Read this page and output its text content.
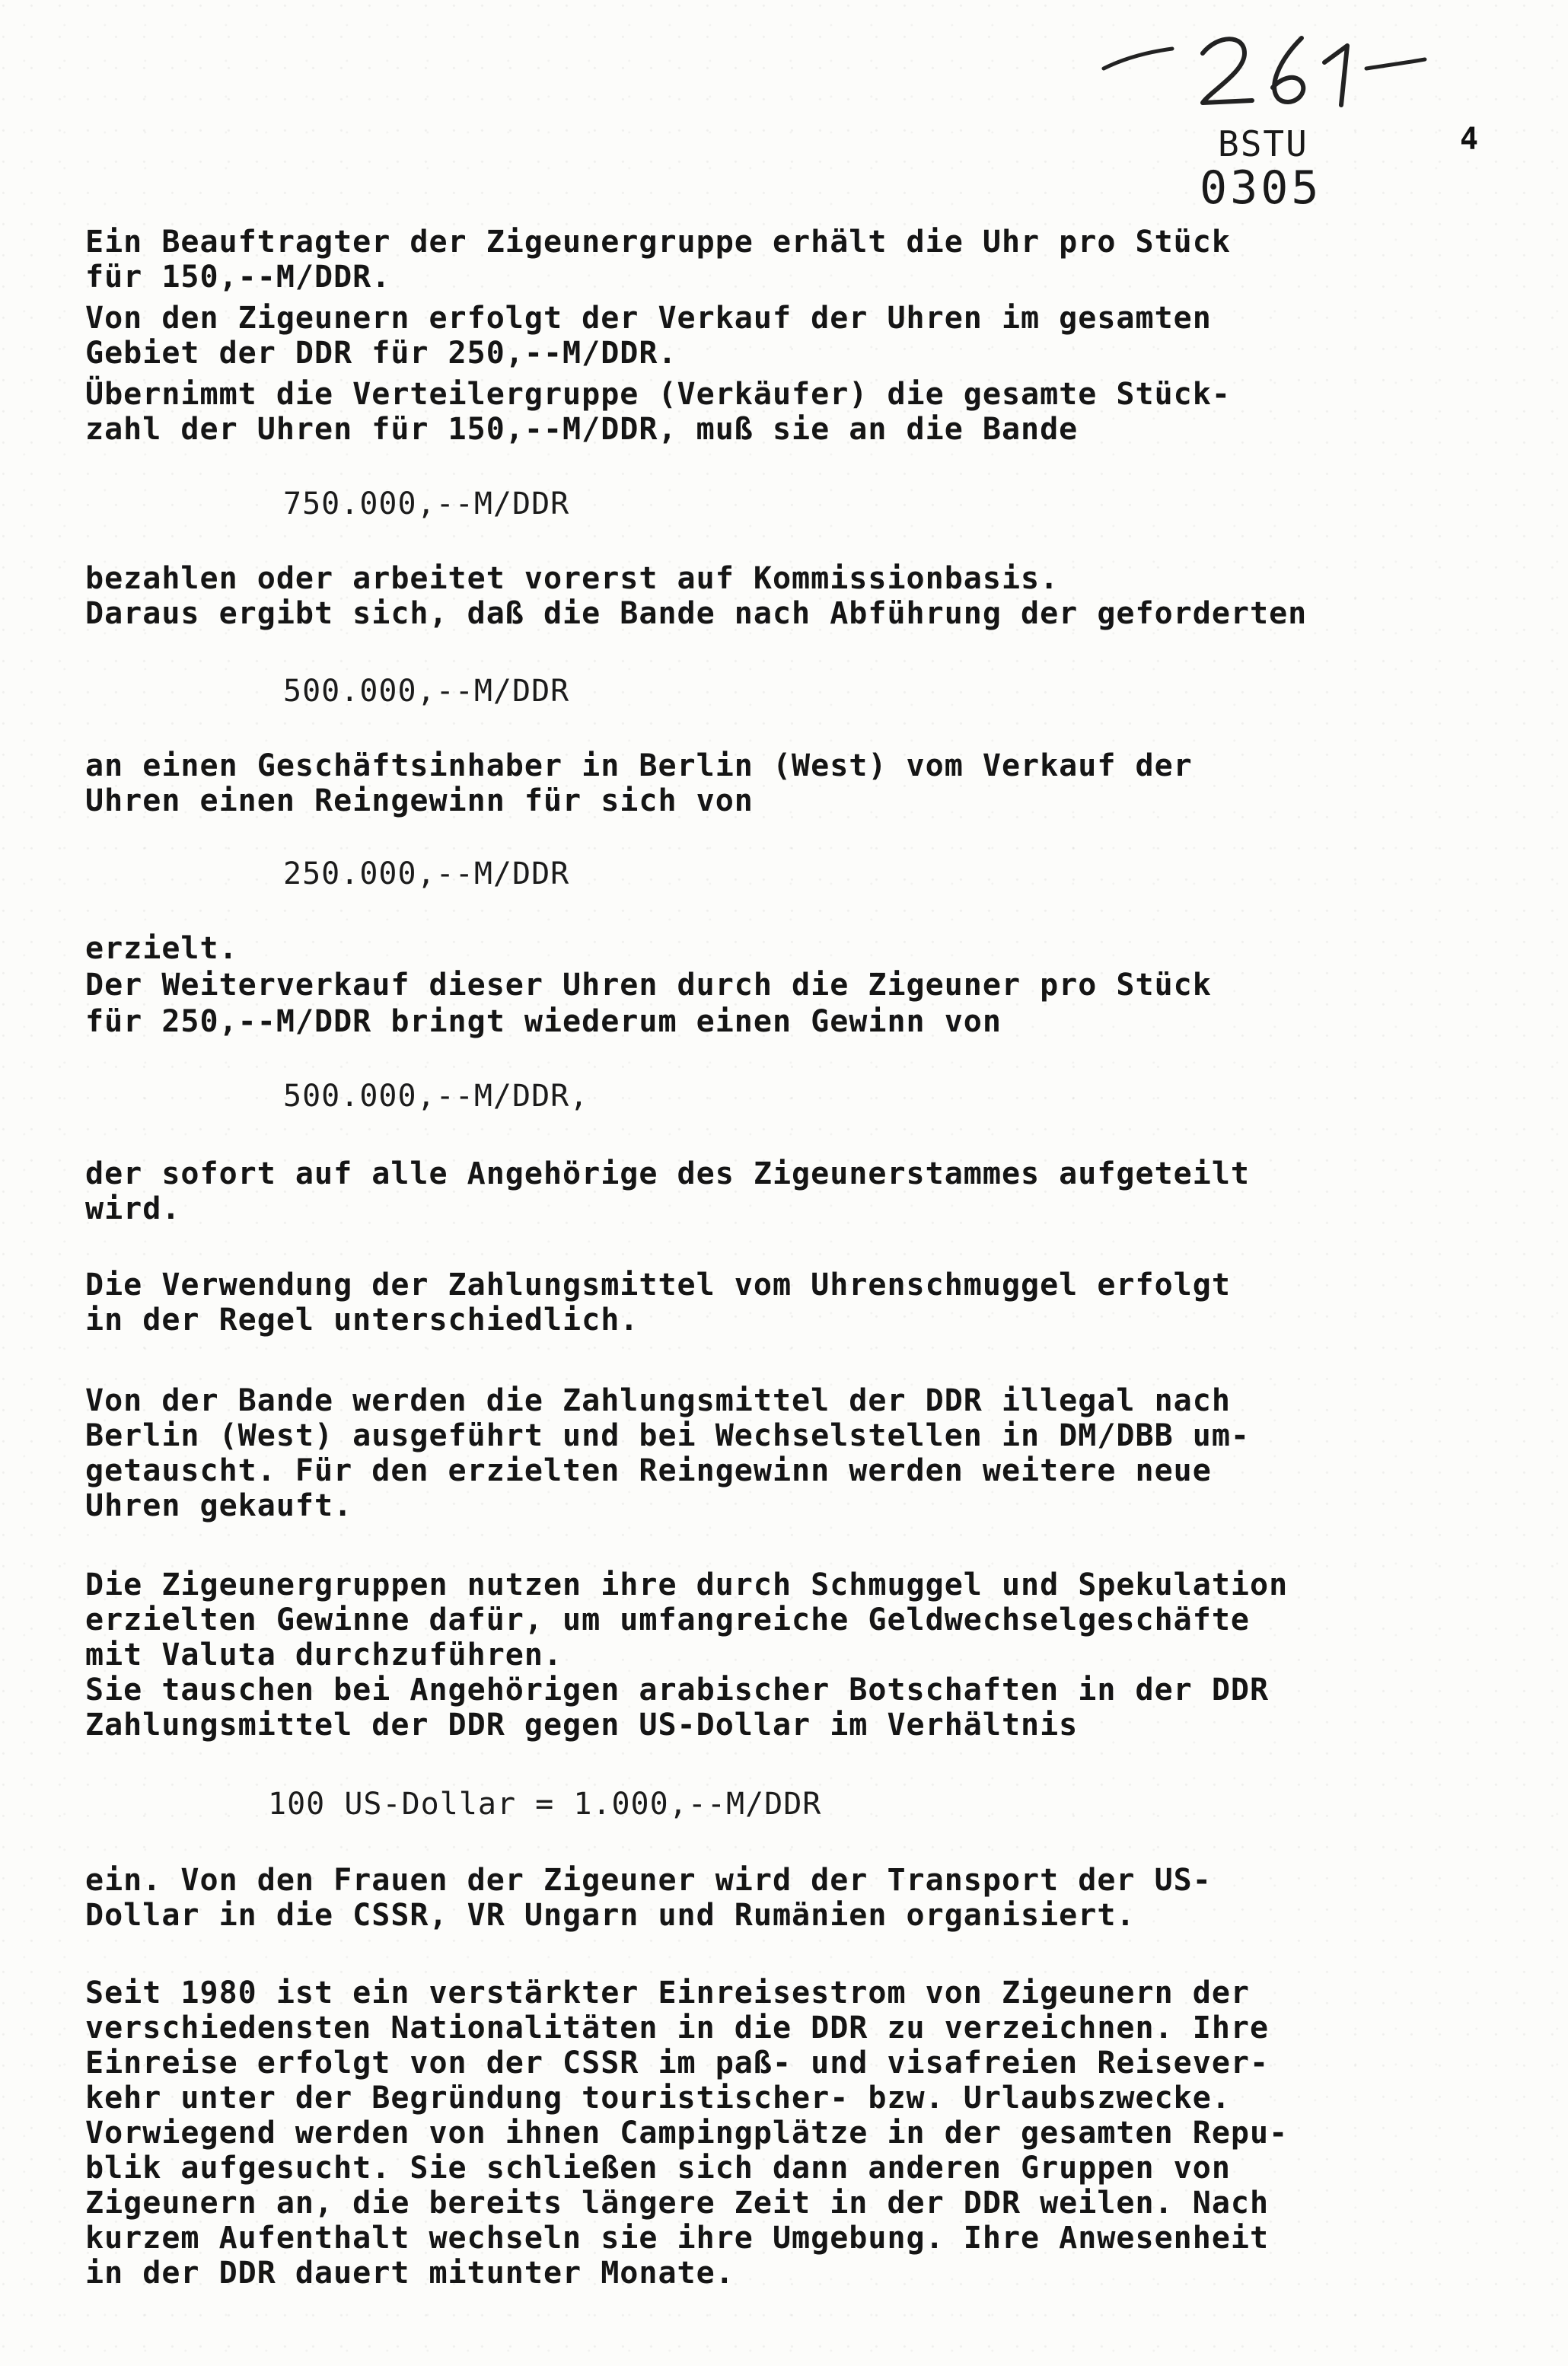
BSTU
0305
4
Ein Beauftragter der Zigeunergruppe erhält die Uhr pro Stück
für 150,--M/DDR.
Von den Zigeunern erfolgt der Verkauf der Uhren im gesamten
Gebiet der DDR für 250,--M/DDR.
Übernimmt die Verteilergruppe (Verkäufer) die gesamte Stück-
zahl der Uhren für 150,--M/DDR, muß sie an die Bande
750.000,--M/DDR
bezahlen oder arbeitet vorerst auf Kommissionbasis.
Daraus ergibt sich, daß die Bande nach Abführung der geforderten
500.000,--M/DDR
an einen Geschäftsinhaber in Berlin (West) vom Verkauf der
Uhren einen Reingewinn für sich von
250.000,--M/DDR
erzielt.
Der Weiterverkauf dieser Uhren durch die Zigeuner pro Stück
für 250,--M/DDR bringt wiederum einen Gewinn von
500.000,--M/DDR,
der sofort auf alle Angehörige des Zigeunerstammes aufgeteilt
wird.
Die Verwendung der Zahlungsmittel vom Uhrenschmuggel erfolgt
in der Regel unterschiedlich.
Von der Bande werden die Zahlungsmittel der DDR illegal nach
Berlin (West) ausgeführt und bei Wechselstellen in DM/DBB um-
getauscht. Für den erzielten Reingewinn werden weitere neue
Uhren gekauft.
Die Zigeunergruppen nutzen ihre durch Schmuggel und Spekulation
erzielten Gewinne dafür, um umfangreiche Geldwechselgeschäfte
mit Valuta durchzuführen.
Sie tauschen bei Angehörigen arabischer Botschaften in der DDR
Zahlungsmittel der DDR gegen US-Dollar im Verhältnis
100 US-Dollar = 1.000,--M/DDR
ein. Von den Frauen der Zigeuner wird der Transport der US-
Dollar in die CSSR, VR Ungarn und Rumänien organisiert.
Seit 1980 ist ein verstärkter Einreisestrom von Zigeunern der
verschiedensten Nationalitäten in die DDR zu verzeichnen. Ihre
Einreise erfolgt von der CSSR im paß- und visafreien Reisever-
kehr unter der Begründung touristischer- bzw. Urlaubszwecke.
Vorwiegend werden von ihnen Campingplätze in der gesamten Repu-
blik aufgesucht. Sie schließen sich dann anderen Gruppen von
Zigeunern an, die bereits längere Zeit in der DDR weilen. Nach
kurzem Aufenthalt wechseln sie ihre Umgebung. Ihre Anwesenheit
in der DDR dauert mitunter Monate.
